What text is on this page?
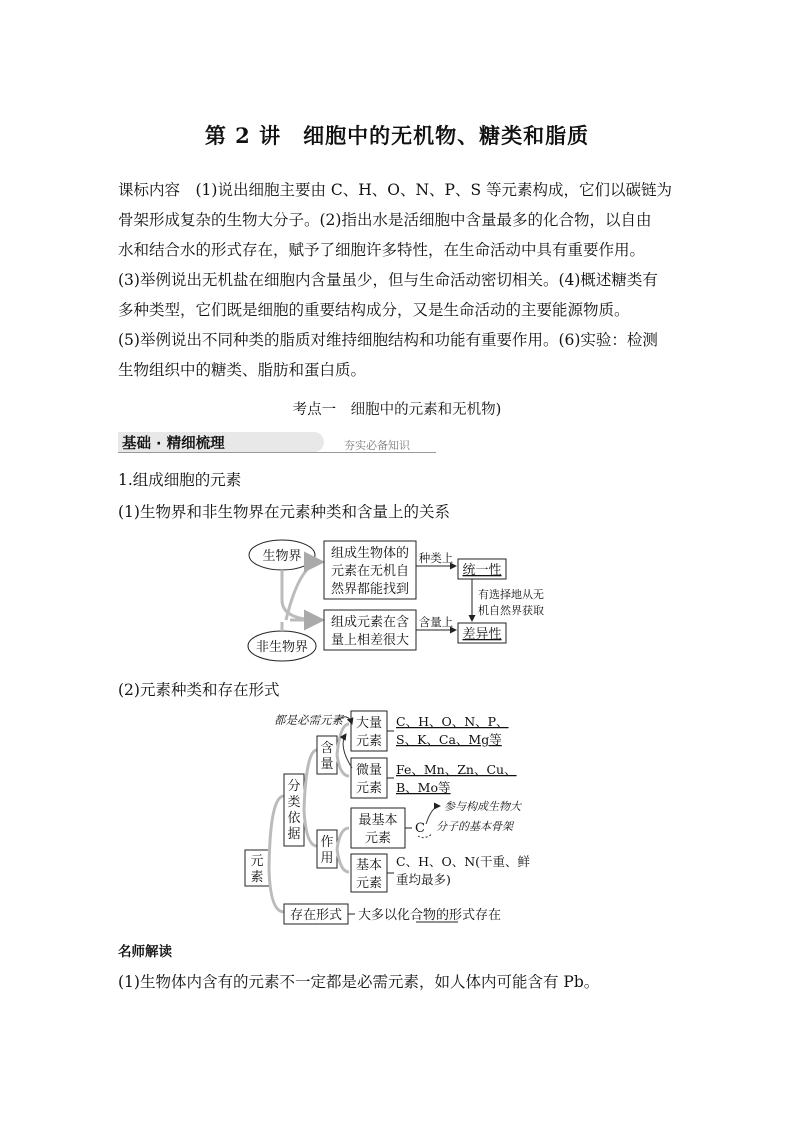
第 2 讲　细胞中的无机物、糖类和脂质
课标内容　(1)说出细胞主要由 C、H、O、N、P、S 等元素构成，它们以碳链为
骨架形成复杂的生物大分子。(2)指出水是活细胞中含量最多的化合物，以自由
水和结合水的形式存在，赋予了细胞许多特性，在生命活动中具有重要作用。
(3)举例说出无机盐在细胞内含量虽少，但与生命活动密切相关。(4)概述糖类有
多种类型，它们既是细胞的重要结构成分，又是生命活动的主要能源物质。
(5)举例说出不同种类的脂质对维持细胞结构和功能有重要作用。(6)实验：检测
生物组织中的糖类、脂肪和蛋白质。
考点一　细胞中的元素和无机物)
基础 · 精细梳理	夯实必备知识
1.组成细胞的元素
(1)生物界和非生物界在元素种类和含量上的关系
生物界
非生物界
组成生物体的
元素在无机自
然界都能找到
组成元素在含
量上相差很大
种类上
含量上
统一性
差异性
有选择地从无
机自然界获取
(2)元素种类和存在形式
都是必需元素
元
素
分
类
依
据
含
量
作
用
大量
元素
C、H、O、N、P、
S、K、Ca、Mg等
微量
元素
Fe、Mn、Zn、Cu、
B、Mo等
最基本
元素
C
参与构成生物大
分子的基本骨架
基本
元素
C、H、O、N(干重、鲜
重均最多)
存在形式 大多以化合物的形式存在
名师解读
(1)生物体内含有的元素不一定都是必需元素，如人体内可能含有 Pb。
